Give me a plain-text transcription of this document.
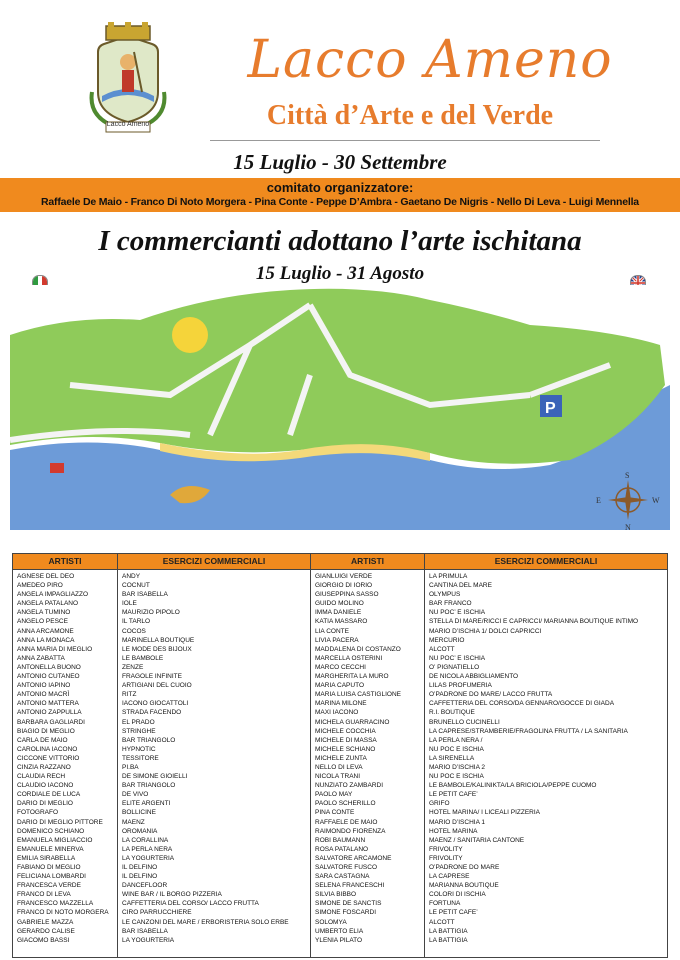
Lacco Ameno
Lacco Ameno
Città d’Arte e del Verde
15 Luglio - 30 Settembre
comitato organizzatore:
Raffaele De Maio - Franco Di Noto Morgera - Pina Conte - Peppe D’Ambra - Gaetano De Nigris - Nello Di Leva - Luigi Mennella
I commercianti adottano l’arte ischitana
15 Luglio - 31 Agosto
P
S
E	W
N
ARTISTI
AGNESE DEL DEO
AMEDEO PIRO
ANGELA IMPAGLIAZZO
ANGELA PATALANO
ANGELA TUMINO
ANGELO PESCE
ANNA ARCAMONE
ANNA LA MONACA
ANNA MARIA DI MEGLIO
ANNA ZABATTA
ANTONELLA BUONO
ANTONIO CUTANEO
ANTONIO IAPINO
ANTONIO MACRÌ
ANTONIO MATTERA
ANTONIO ZAPPULLA
BARBARA GAGLIARDI
BIAGIO DI MEGLIO
CARLA DE MAIO
CAROLINA IACONO
CICCONE VITTORIO
CINZIA RAZZANO
CLAUDIA RECH
CLAUDIO IACONO
CORDIALE DE LUCA
DARIO DI MEGLIO
FOTOGRAFO
DARIO DI MEGLIO PITTORE
DOMENICO SCHIANO
EMANUELA MIGLIACCIO
EMANUELE MINERVA
EMILIA SIRABELLA
FABIANO DI MEGLIO
FELICIANA LOMBARDI
FRANCESCA VERDE
FRANCO DI LEVA
FRANCESCO MAZZELLA
FRANCO DI NOTO MORGERA
GABRIELE MAZZA
GERARDO CALISE
GIACOMO BASSI
ESERCIZI COMMERCIALI
ANDY
COCNUT
BAR ISABELLA
IOLE
MAURIZIO PIPOLO
IL TARLO
COCOS
MARINELLA BOUTIQUE
LE MODE DES BIJOUX
LE BAMBOLE
ZENZE
FRAGOLE INFINITE
ARTIGIANI DEL CUOIO
RITZ
IACONO GIOCATTOLI
STRADA FACENDO
EL PRADO
STRINGHE
BAR TRIANGOLO
HYPNOTIC
TESSITORE
PI.BA
DE SIMONE GIOIELLI
BAR TRIANGOLO
DE VIVO
ELITE ARGENTI
BOLLICINE
MAENZ
OROMANIA
LA CORALLINA
LA PERLA NERA
LA YOGURTERIA
IL DELFINO
IL DELFINO
DANCEFLOOR
WINE BAR / IL BORGO PIZZERIA
CAFFETTERIA DEL CORSO/ LACCO FRUTTA
CIRO PARRUCCHIERE
LE CANZONI DEL MARE / ERBORISTERIA SOLO ERBE
BAR ISABELLA
LA YOGURTERIA
ARTISTI
GIANLUIGI VERDE
GIORGIO DI IORIO
GIUSEPPINA SASSO
GUIDO MOLINO
IMMA DANIELE
KATIA MASSARO
LIA CONTE
LIVIA PACERA
MADDALENA DI COSTANZO
MARCELLA OSTERINI
MARCO CECCHI
MARGHERITA LA MURO
MARIA CAPUTO
MARIA LUISA CASTIGLIONE
MARINA MILONE
MAXI IACONO
MICHELA GUARRACINO
MICHELE COCCHIA
MICHELE DI MASSA
MICHELE SCHIANO
MICHELE ZUNTA
NELLO DI LEVA
NICOLA TRANI
NUNZIATO ZAMBARDI
PAOLO MAY
PAOLO SCHERILLO
PINA CONTE
RAFFAELE DE MAIO
RAIMONDO FIORENZA
ROBI BAUMANN
ROSA PATALANO
SALVATORE ARCAMONE
SALVATORE FUSCO
SARA CASTAGNA
SELENA FRANCESCHI
SILVIA BIBBO
SIMONE DE SANCTIS
SIMONE FOSCARDI
SOLOMYA
UMBERTO ELIA
YLENIA PILATO
ESERCIZI COMMERCIALI
LA PRIMULA
CANTINA DEL MARE
OLYMPUS
BAR FRANCO
NU POC’ E ISCHIA
STELLA DI MARE/RICCI E CAPRICCI/ MARIANNA BOUTIQUE INTIMO
MARIO D’ISCHIA 1/ DOLCI CAPRICCI
MERCURIO
ALCOTT
NU POC’ E ISCHIA
O’ PIGNATIELLO
DE NICOLA ABBIGLIAMENTO
LILAS PROFUMERIA
O’PADRONE DO MARE/ LACCO FRUTTA
CAFFETTERIA DEL CORSO/DA GENNARO/GOCCE DI GIADA
R.I. BOUTIQUE
BRUNELLO CUCINELLI
LA CAPRESE/STRAMBERIE/FRAGOLINA FRUTTA / LA SANITARIA
LA PERLA NERA /
NU POC E ISCHIA
LA SIRENELLA
MARIO D’ISCHIA 2
NU POC E ISCHIA
LE BAMBOLE/KALINIKTA/LA BRICIOLA/PEPPE CUOMO
LE PETIT CAFE’
GRIFO
HOTEL MARINA/ I LICEALI PIZZERIA
MARIO D’ISCHIA 1
HOTEL MARINA
MAENZ / SANITARIA CANTONE
FRIVOLITY
FRIVOLITY
O’PADRONE DO MARE
LA CAPRESE
MARIANNA BOUTIQUE
COLORI DI ISCHIA
FORTUNA
LE PETIT CAFE’
ALCOTT
LA BATTIGIA
LA BATTIGIA
